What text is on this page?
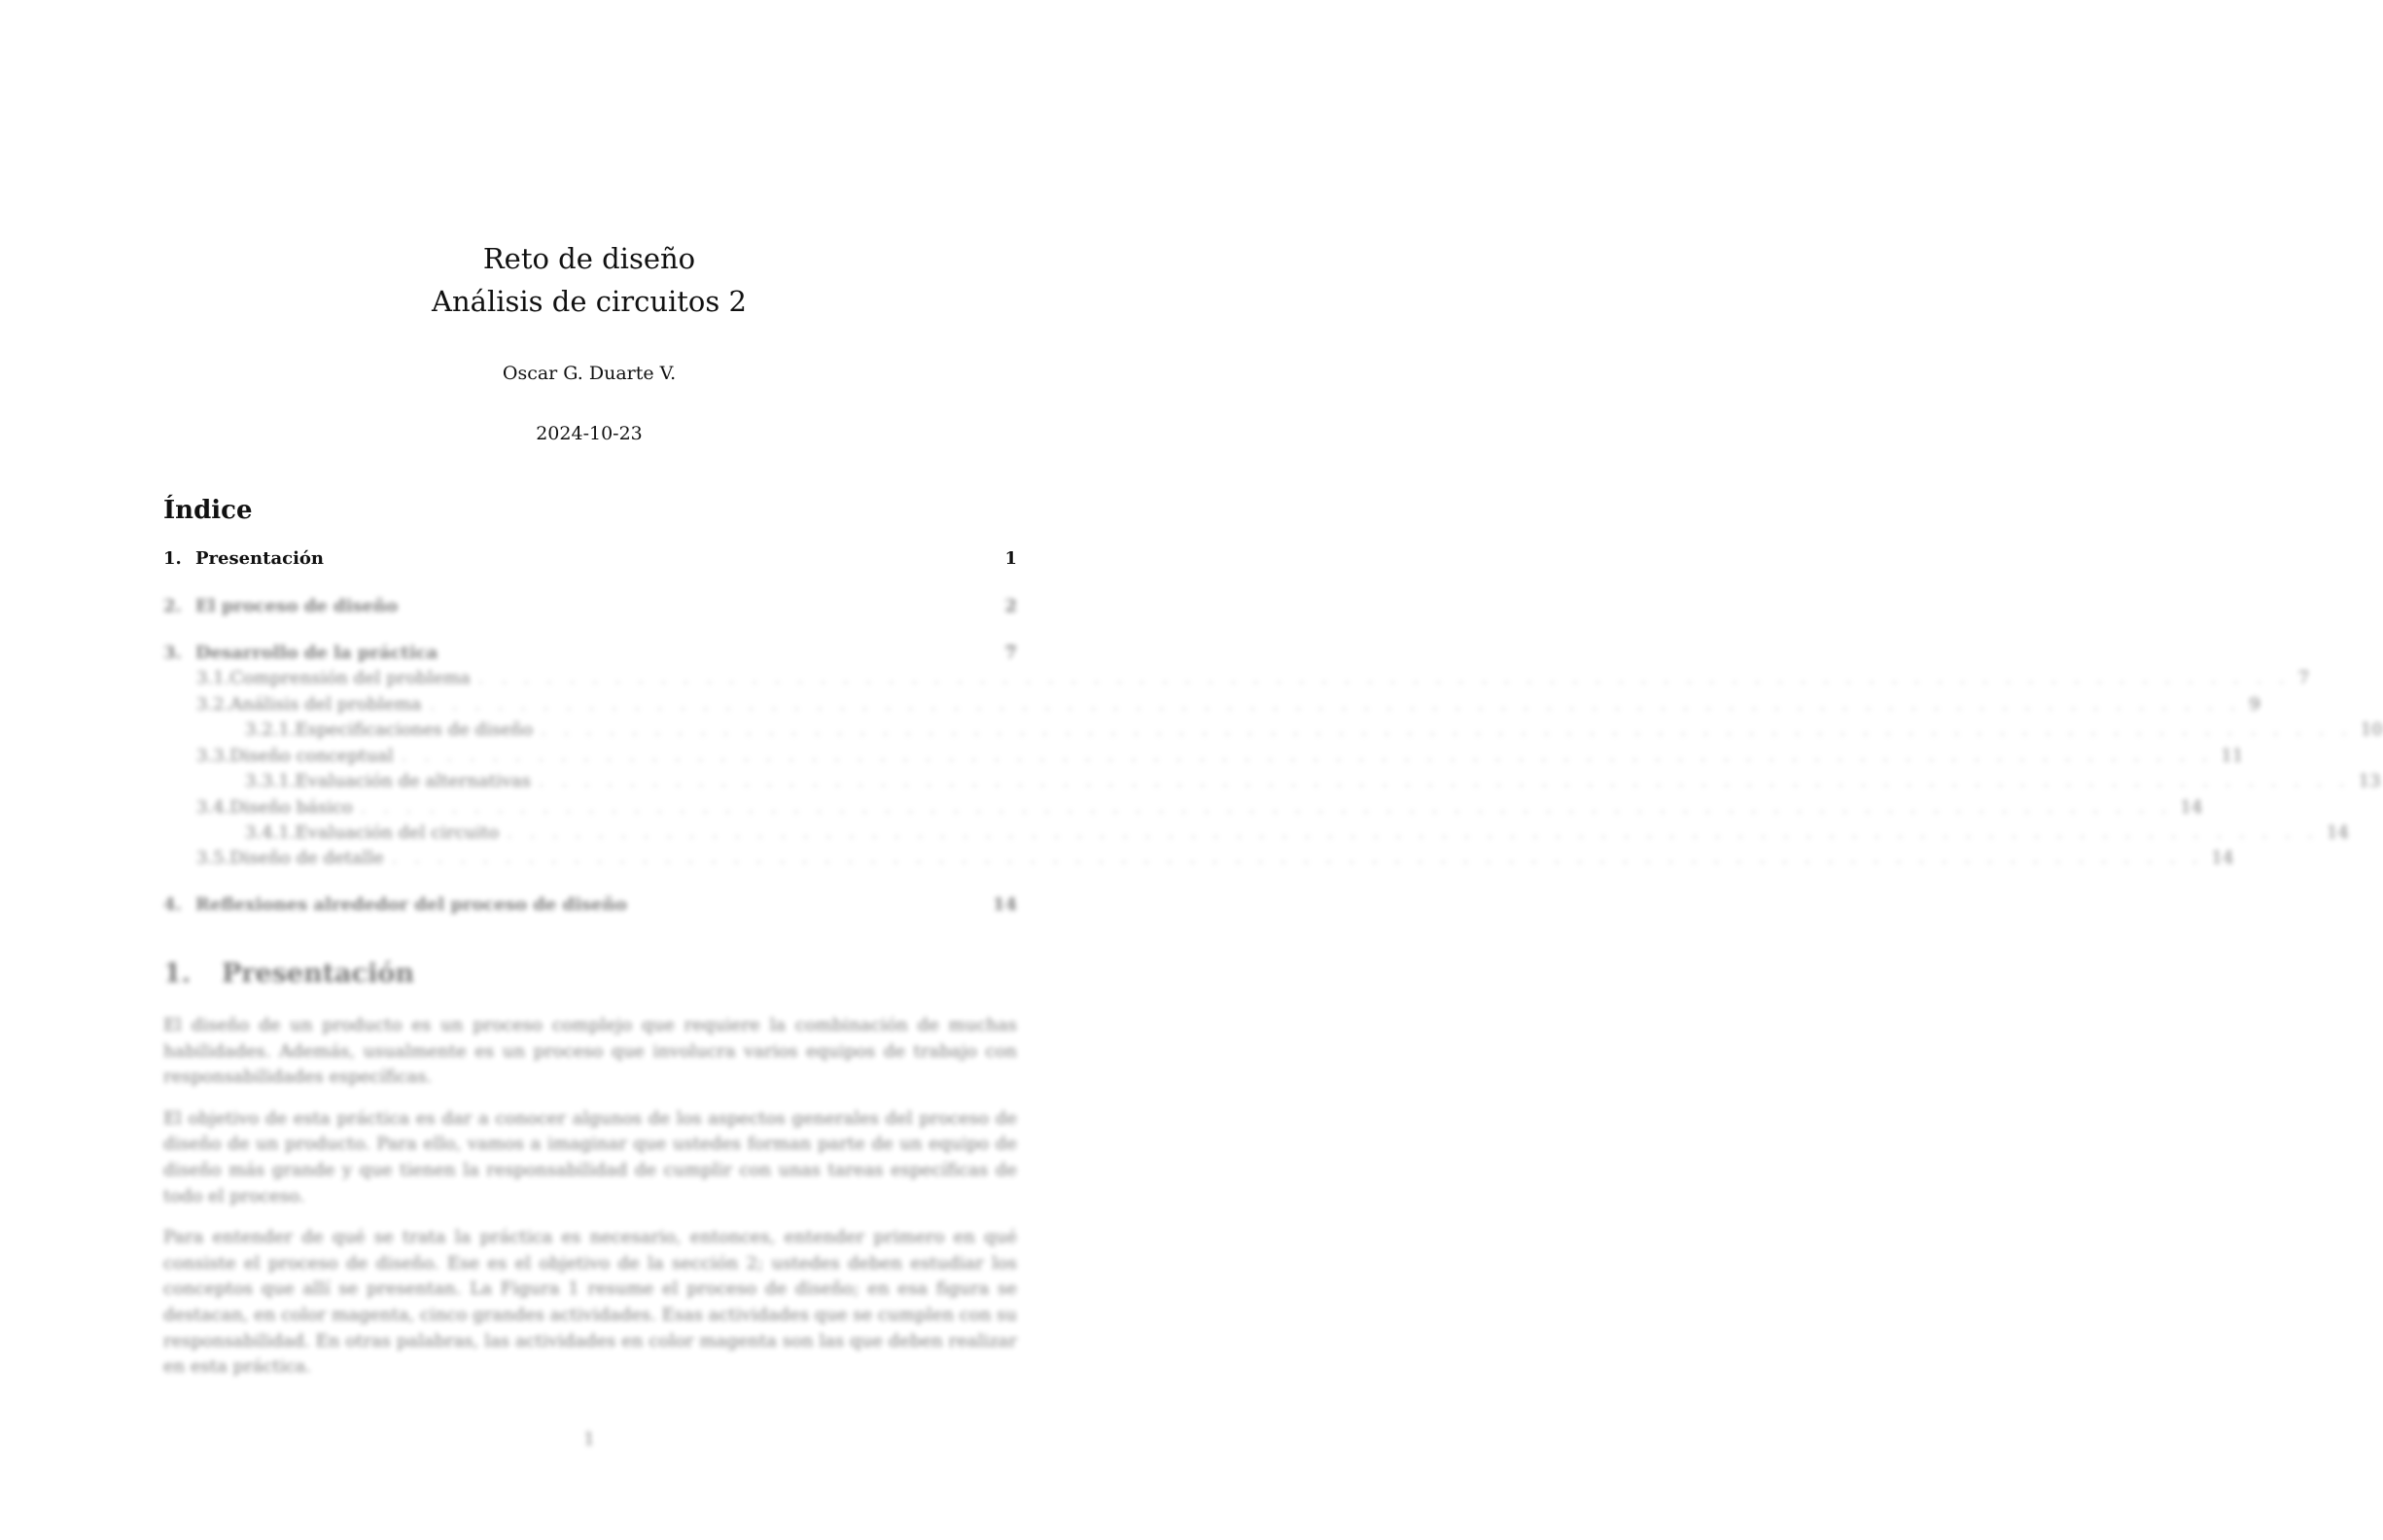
Reto de diseño
Análisis de circuitos 2
Oscar G. Duarte V.
2024-10-23
Índice
1. Presentación	1
2. El proceso de diseño	2
3. Desarrollo de la práctica	7
3.1. Comprensión del problema . . . . . . . . . . . . . . . . . . . . . . . . . . . . . . . . . . . . . . . . . . . . . . . . . . . . . . . . . . . . . . . . . . . . . . . . . . . . . . . . 7
3.2. Análisis del problema . . . . . . . . . . . . . . . . . . . . . . . . . . . . . . . . . . . . . . . . . . . . . . . . . . . . . . . . . . . . . . . . . . . . . . . . . . . . . . . . 9
3.2.1. Especificaciones de diseño . . . . . . . . . . . . . . . . . . . . . . . . . . . . . . . . . . . . . . . . . . . . . . . . . . . . . . . . . . . . . . . . . . . . . . . . . . . . . . . . 10
3.3. Diseño conceptual . . . . . . . . . . . . . . . . . . . . . . . . . . . . . . . . . . . . . . . . . . . . . . . . . . . . . . . . . . . . . . . . . . . . . . . . . . . . . . . . 11
3.3.1. Evaluación de alternativas . . . . . . . . . . . . . . . . . . . . . . . . . . . . . . . . . . . . . . . . . . . . . . . . . . . . . . . . . . . . . . . . . . . . . . . . . . . . . . . . 13
3.4. Diseño básico . . . . . . . . . . . . . . . . . . . . . . . . . . . . . . . . . . . . . . . . . . . . . . . . . . . . . . . . . . . . . . . . . . . . . . . . . . . . . . . . 14
3.4.1. Evaluación del circuito . . . . . . . . . . . . . . . . . . . . . . . . . . . . . . . . . . . . . . . . . . . . . . . . . . . . . . . . . . . . . . . . . . . . . . . . . . . . . . . . 14
3.5. Diseño de detalle . . . . . . . . . . . . . . . . . . . . . . . . . . . . . . . . . . . . . . . . . . . . . . . . . . . . . . . . . . . . . . . . . . . . . . . . . . . . . . . . 14
4. Reflexiones alrededor del proceso de diseño	14
1. Presentación

El diseño de un producto es un proceso complejo que requiere la combinación de muchas habilidades. Además, usualmente es un proceso que involucra varios equipos de trabajo con responsabilidades específicas.

El objetivo de esta práctica es dar a conocer algunos de los aspectos generales del proceso de diseño de un producto. Para ello, vamos a imaginar que ustedes forman parte de un equipo de diseño más grande y que tienen la responsabilidad de cumplir con unas tareas específicas de todo el proceso.

Para entender de qué se trata la práctica es necesario, entonces, entender primero en qué consiste el proceso de diseño. Ese es el objetivo de la sección 2; ustedes deben estudiar los conceptos que allí se presentan. La Figura 1 resume el proceso de diseño; en esa figura se destacan, en color magenta, cinco grandes actividades. Esas actividades que se cumplen con su responsabilidad. En otras palabras, las actividades en color magenta son las que deben realizar en esta práctica.

1
